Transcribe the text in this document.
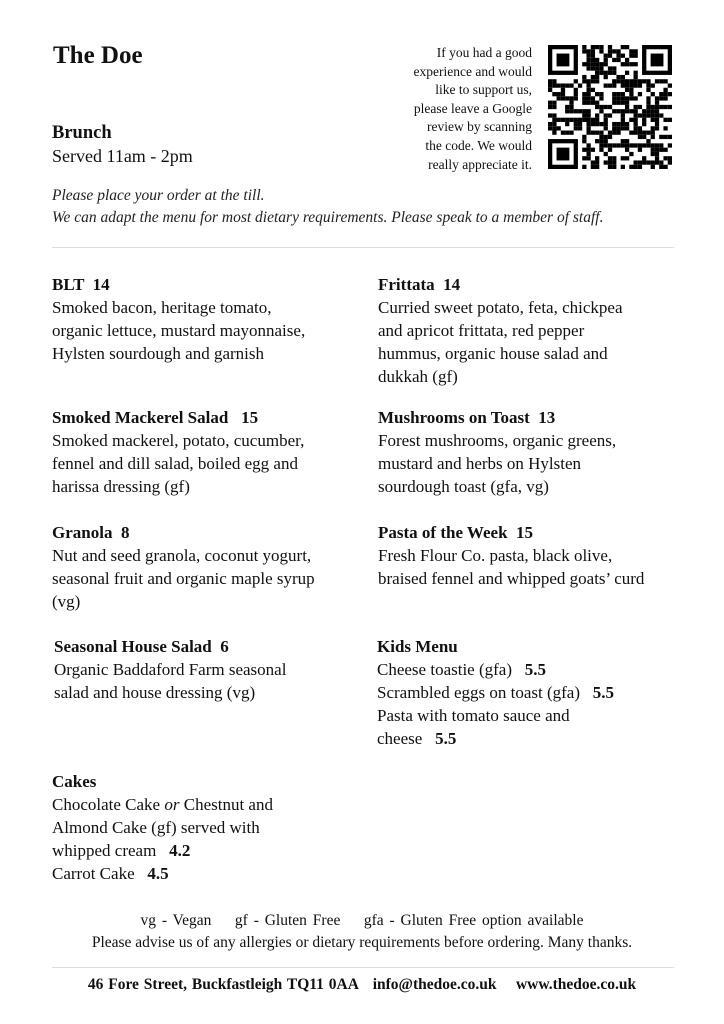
The Doe
Brunch
Served 11am - 2pm
If you had a good
experience and would
like to support us,
please leave a Google
review by scanning
the code. We would
really appreciate it.
Please place your order at the till.
We can adapt the menu for most dietary requirements. Please speak to a member of staff.
BLT 14
Smoked bacon, heritage tomato,
organic lettuce, mustard mayonnaise,
Hylsten sourdough and garnish
Frittata 14
Curried sweet potato, feta, chickpea
and apricot frittata, red pepper
hummus, organic house salad and
dukkah (gf)
Smoked Mackerel Salad 15
Smoked mackerel, potato, cucumber,
fennel and dill salad, boiled egg and
harissa dressing (gf)
Mushrooms on Toast 13
Forest mushrooms, organic greens,
mustard and herbs on Hylsten
sourdough toast (gfa, vg)
Granola 8
Nut and seed granola, coconut yogurt,
seasonal fruit and organic maple syrup
(vg)
Pasta of the Week 15
Fresh Flour Co. pasta, black olive,
braised fennel and whipped goats’ curd
Seasonal House Salad 6
Organic Baddaford Farm seasonal
salad and house dressing (vg)
Kids Menu
Cheese toastie (gfa)   5.5
Scrambled eggs on toast (gfa)   5.5
Pasta with tomato sauce and
cheese   5.5
Cakes
Chocolate Cake or Chestnut and
Almond Cake (gf) served with
whipped cream   4.2
Carrot Cake   4.5
vg - Vegan    gf - Gluten Free    gfa - Gluten Free option available
Please advise us of any allergies or dietary requirements before ordering. Many thanks.
46 Fore Street, Buckfastleigh TQ11 0AA   info@thedoe.co.uk    www.thedoe.co.uk
